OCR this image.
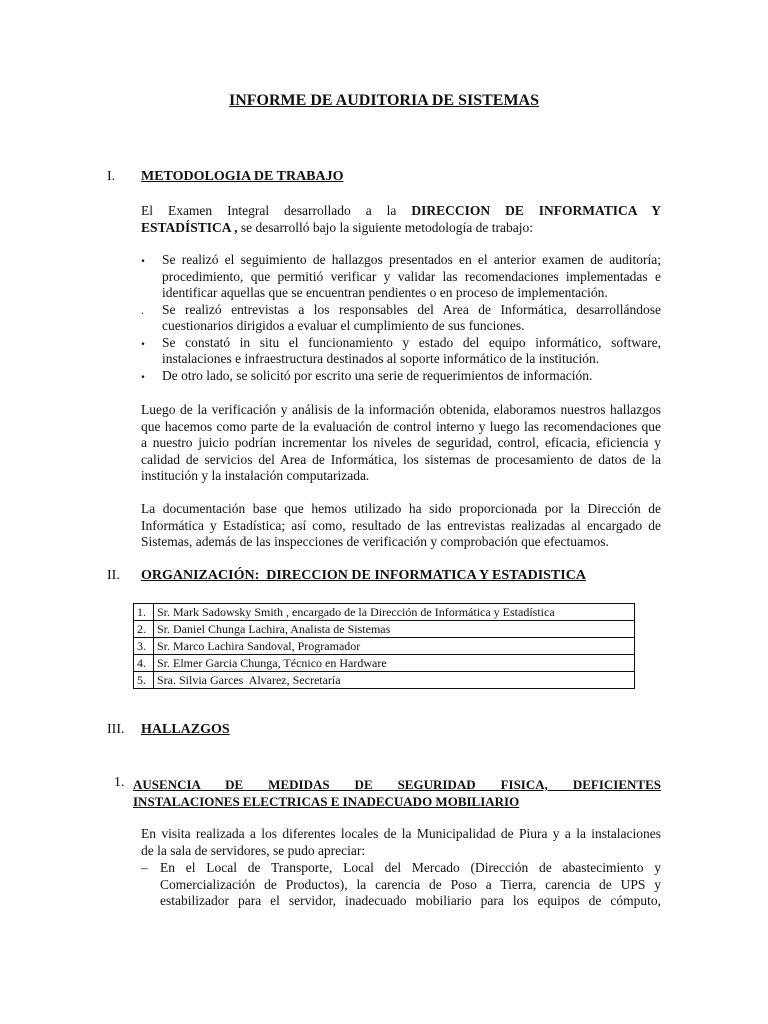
INFORME DE AUDITORIA DE SISTEMAS
I. METODOLOGIA DE TRABAJO
El Examen Integral desarrollado a la DIRECCION DE INFORMATICA Y
ESTADÍSTICA , se desarrolló bajo la siguiente metodología de trabajo:
. Se realizó el seguimiento de hallazgos presentados en el anterior examen de auditoría;
procedimiento, que permitió verificar y validar las recomendaciones implementadas e
identificar aquellas que se encuentran pendientes o en proceso de implementación.
. Se realizó entrevistas a los responsables del Area de Informática, desarrollándose
cuestionarios dirigidos a evaluar el cumplimiento de sus funciones.
. Se constató in situ el funcionamiento y estado del equipo informático, software,
instalaciones e infraestructura destinados al soporte informático de la institución.
. De otro lado, se solicitó por escrito una serie de requerimientos de información.
Luego de la verificación y análisis de la información obtenida, elaboramos nuestros hallazgos
que hacemos como parte de la evaluación de control interno y luego las recomendaciones que
a nuestro juicio podrían incrementar los niveles de seguridad, control, eficacia, eficiencia y
calidad de servicios del Area de Informática, los sistemas de procesamiento de datos de la
institución y la instalación computarizada.
La documentación base que hemos utilizado ha sido proporcionada por la Dirección de
Informática y Estadística; así como, resultado de las entrevistas realizadas al encargado de
Sistemas, además de las inspecciones de verificación y comprobación que efectuamos.
II. ORGANIZACIÓN:  DIRECCION DE INFORMATICA Y ESTADISTICA
1.	Sr. Mark Sadowsky Smith , encargado de la Dirección de Informática y Estadística
2.	Sr. Daniel Chunga Lachira, Analista de Sistemas
3.	Sr. Marco Lachira Sandoval, Programador
4.	Sr. Elmer Garcia Chunga, Técnico en Hardware
5.	Sra. Silvia Garces  Alvarez, Secretaría
III. HALLAZGOS
1. AUSENCIA DE MEDIDAS DE SEGURIDAD FISICA, DEFICIENTES
INSTALACIONES ELECTRICAS E INADECUADO MOBILIARIO
En visita realizada a los diferentes locales de la Municipalidad de Piura y a la instalaciones
de la sala de servidores, se pudo apreciar:
– En el Local de Transporte, Local del Mercado (Dirección de abastecimiento y
Comercialización de Productos), la carencia de Poso a Tierra, carencia de UPS y
estabilizador para el servidor, inadecuado mobiliario para los equipos de cómputo,
